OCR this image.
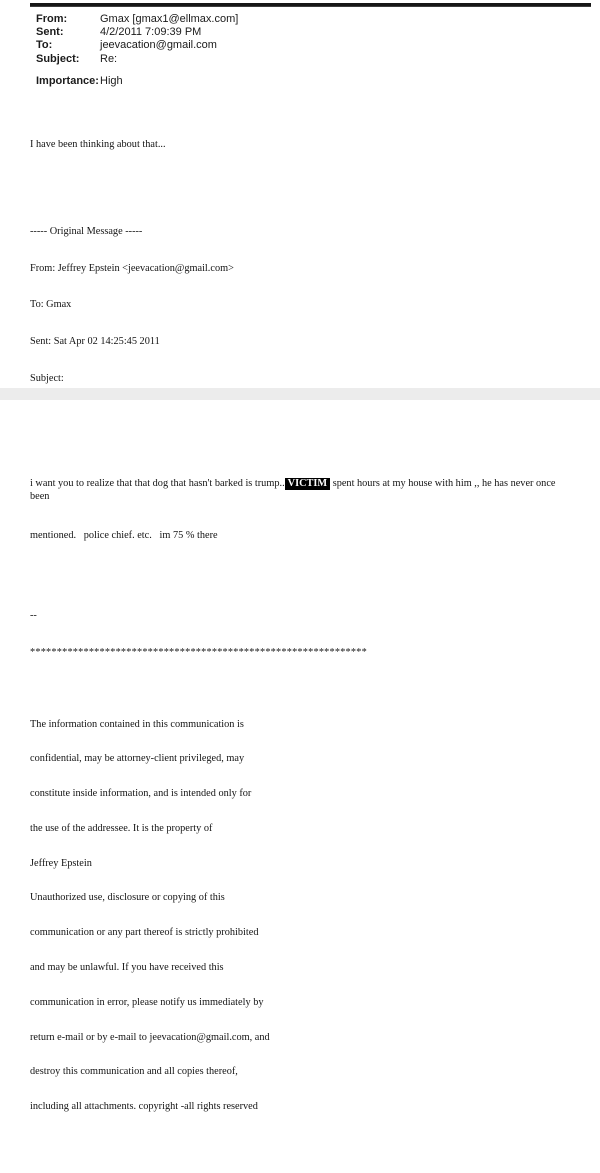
From:	Gmax [gmax1@ellmax.com]
Sent:	4/2/2011 7:09:39 PM
To:	jeevacation@gmail.com
Subject:	Re:
Importance: High

I have been thinking about that...

----- Original Message -----

From: Jeffrey Epstein <jeevacation@gmail.com>

To: Gmax

Sent: Sat Apr 02 14:25:45 2011

Subject:

i want you to realize that that dog that hasn't barked is trump.. VICTIM spent hours at my house with him ,, he has never once been

mentioned.   police chief. etc.   im 75 % there

--

***************************************************************

The information contained in this communication is

confidential, may be attorney-client privileged, may

constitute inside information, and is intended only for

the use of the addressee. It is the property of

Jeffrey Epstein

Unauthorized use, disclosure or copying of this

communication or any part thereof is strictly prohibited

and may be unlawful. If you have received this

communication in error, please notify us immediately by

return e-mail or by e-mail to jeevacation@gmail.com, and

destroy this communication and all copies thereof,

including all attachments. copyright -all rights reserved
